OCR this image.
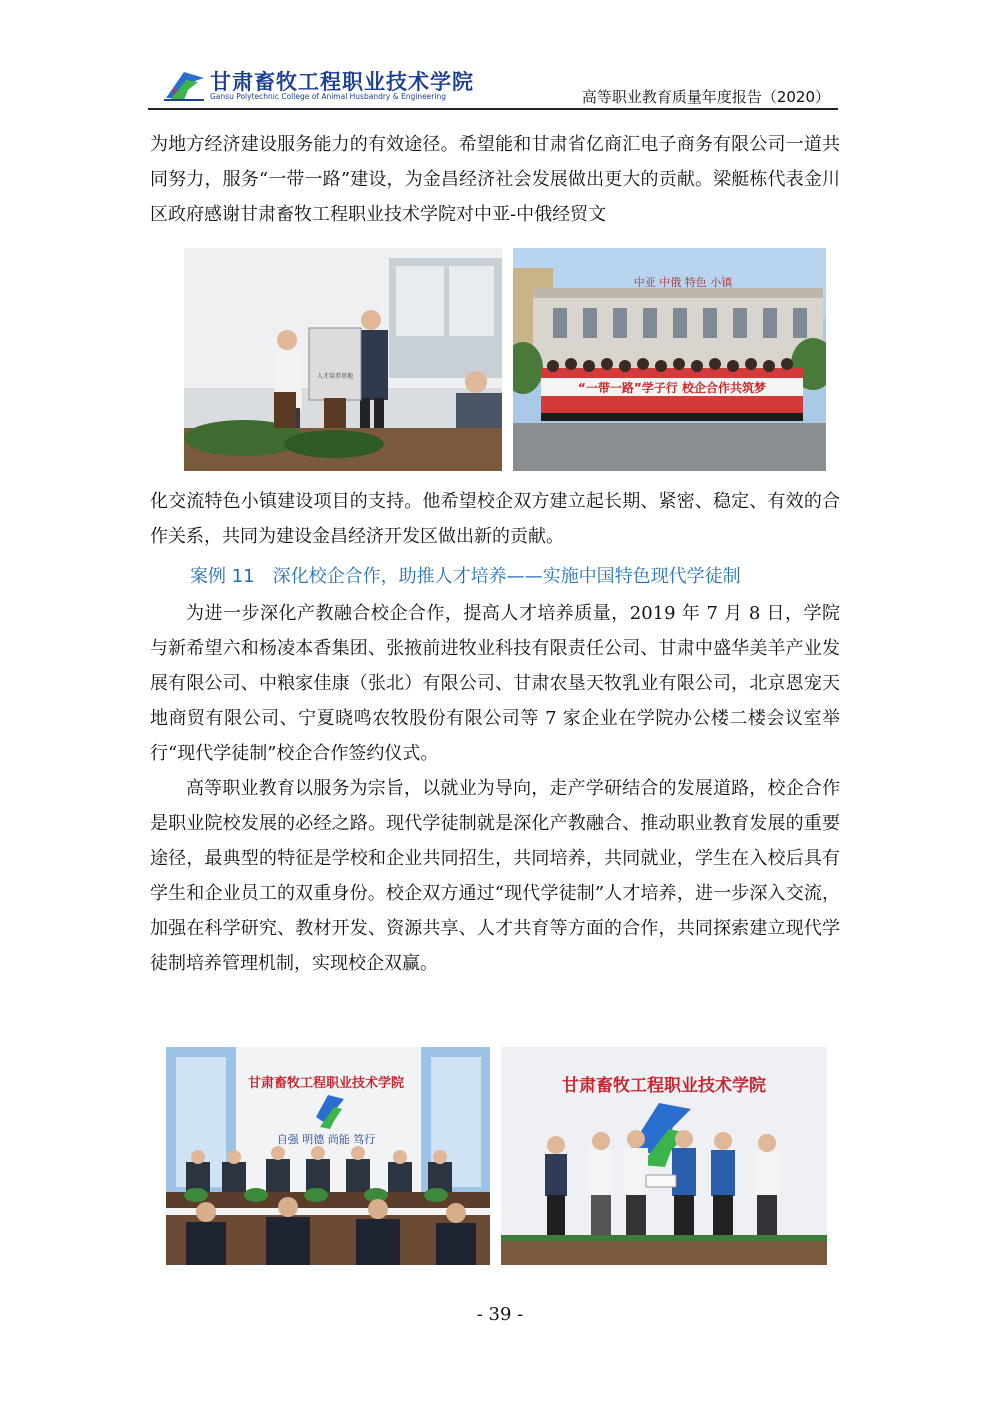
+ 甘肃畜牧工程职业技术学院
Gansu Polytechnic College of Animal Husbandry & Engineering	高等职业教育质量年度报告（2020）

为地方经济建设服务能力的有效途径。希望能和甘肃省亿商汇电子商务有限公司一道共同努力，服务“一带一路”建设，为金昌经济社会发展做出更大的贡献。梁艇栋代表金川区政府感谢甘肃畜牧工程职业技术学院对中亚-中俄经贸文

人才培养基地
中亚 中俄 特色 小镇
“一带一路”学子行 校企合作共筑梦

化交流特色小镇建设项目的支持。他希望校企双方建立起长期、紧密、稳定、有效的合作关系，共同为建设金昌经济开发区做出新的贡献。

案例 11　深化校企合作，助推人才培养——实施中国特色现代学徒制

为进一步深化产教融合校企合作，提高人才培养质量，2019 年 7 月 8 日，学院与新希望六和杨凌本香集团、张掖前进牧业科技有限责任公司、甘肃中盛华美羊产业发展有限公司、中粮家佳康（张北）有限公司、甘肃农垦天牧乳业有限公司，北京恩宠天地商贸有限公司、宁夏晓鸣农牧股份有限公司等 7 家企业在学院办公楼二楼会议室举行“现代学徒制”校企合作签约仪式。

高等职业教育以服务为宗旨，以就业为导向，走产学研结合的发展道路，校企合作是职业院校发展的必经之路。现代学徒制就是深化产教融合、推动职业教育发展的重要途径，最典型的特征是学校和企业共同招生，共同培养，共同就业，学生在入校后具有学生和企业员工的双重身份。校企双方通过“现代学徒制”人才培养，进一步深入交流，加强在科学研究、教材开发、资源共享、人才共育等方面的合作，共同探索建立现代学徒制培养管理机制，实现校企双赢。

甘肃畜牧工程职业技术学院
自强 明德 尚能 笃行
甘肃畜牧工程职业技术学院
- 39 -
